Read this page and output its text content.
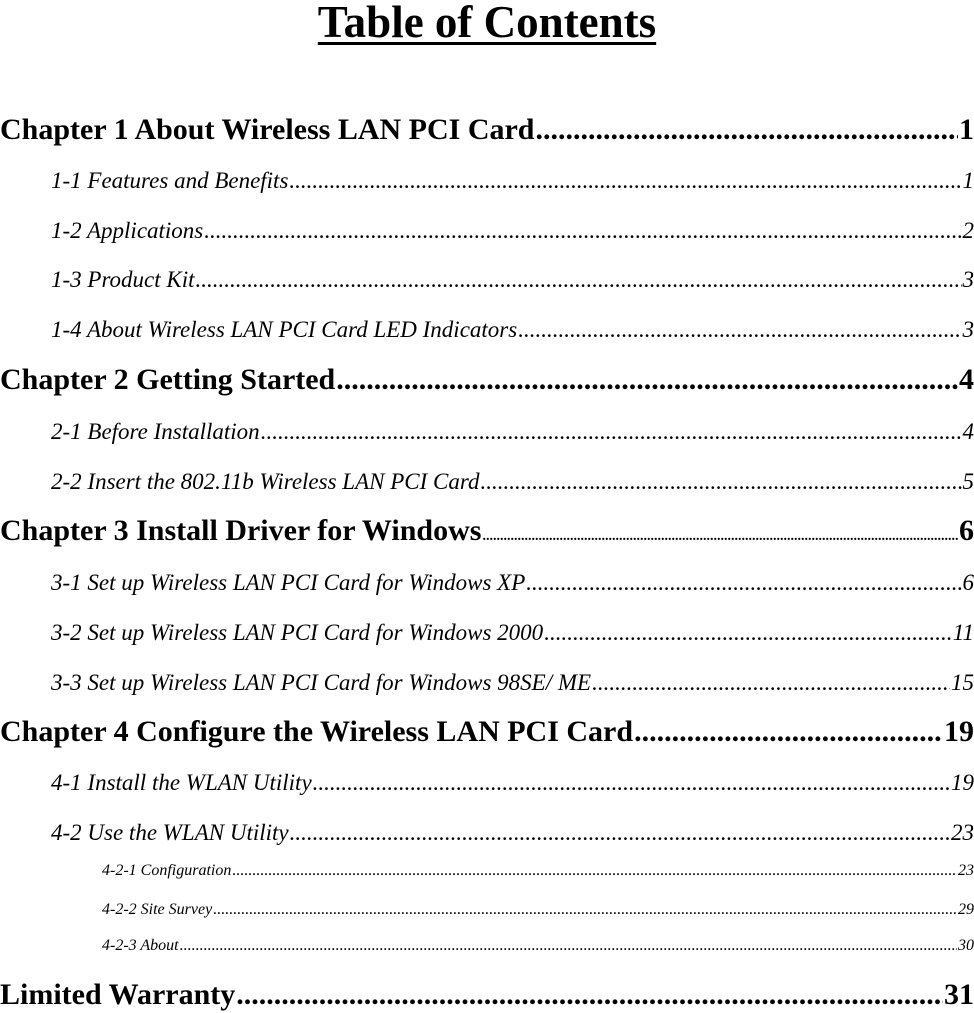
Table of Contents
Chapter 1 About Wireless LAN PCI Card .....	1
1-1 Features and Benefits .....	1
1-2 Applications .....	2
1-3 Product Kit .....	3
1-4 About Wireless LAN PCI Card LED Indicators .....	3
Chapter 2 Getting Started .....	4
2-1 Before Installation .....	4
2-2 Insert the 802.11b Wireless LAN PCI Card .....	5
Chapter 3 Install Driver for Windows .....	6
3-1 Set up Wireless LAN PCI Card for Windows XP .....	6
3-2 Set up Wireless LAN PCI Card for Windows 2000 .....	11
3-3 Set up Wireless LAN PCI Card for Windows 98SE/ ME .....	15
Chapter 4 Configure the Wireless LAN PCI Card .....	19
4-1 Install the WLAN Utility .....	19
4-2 Use the WLAN Utility .....	23
4-2-1 Configuration .....	23
4-2-2 Site Survey .....	29
4-2-3 About .....	30
Limited Warranty .....	31
